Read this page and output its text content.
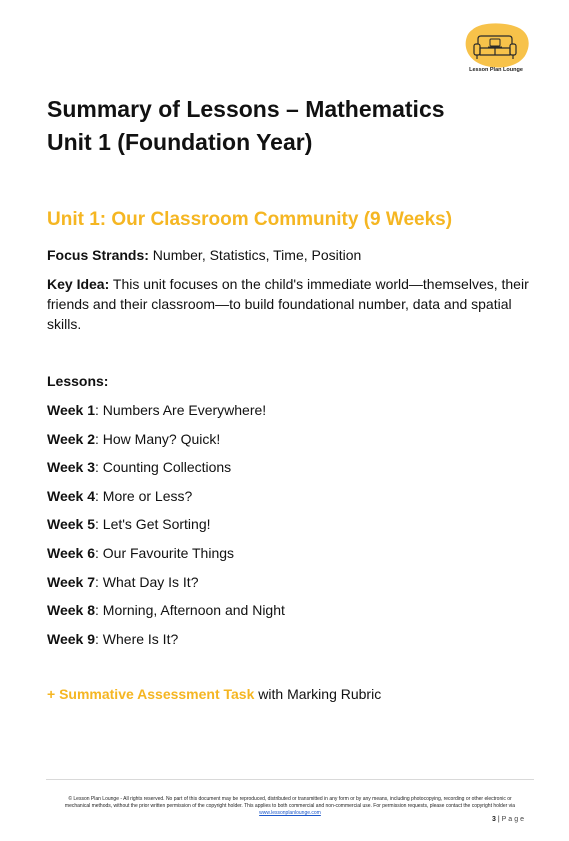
Lesson Plan Lounge
Summary of Lessons – Mathematics
Unit 1 (Foundation Year)
Unit 1: Our Classroom Community (9 Weeks)

Focus Strands: Number, Statistics, Time, Position

Key Idea: This unit focuses on the child's immediate world—themselves, their friends and their classroom—to build foundational number, data and spatial skills.

Lessons:

Week 1: Numbers Are Everywhere!
Week 2: How Many? Quick!
Week 3: Counting Collections
Week 4: More or Less?
Week 5: Let's Get Sorting!
Week 6: Our Favourite Things
Week 7: What Day Is It?
Week 8: Morning, Afternoon and Night
Week 9: Where Is It?
+ Summative Assessment Task with Marking Rubric
© Lesson Plan Lounge - All rights reserved. No part of this document may be reproduced, distributed or transmitted in any form or by any means, including photocopying, recording or other electronic or mechanical methods, without the prior written permission of the copyright holder. This applies to both commercial and non-commercial use. For permission requests, please contact the copyright holder via
www.lessonplanlounge.com
3 | Page
